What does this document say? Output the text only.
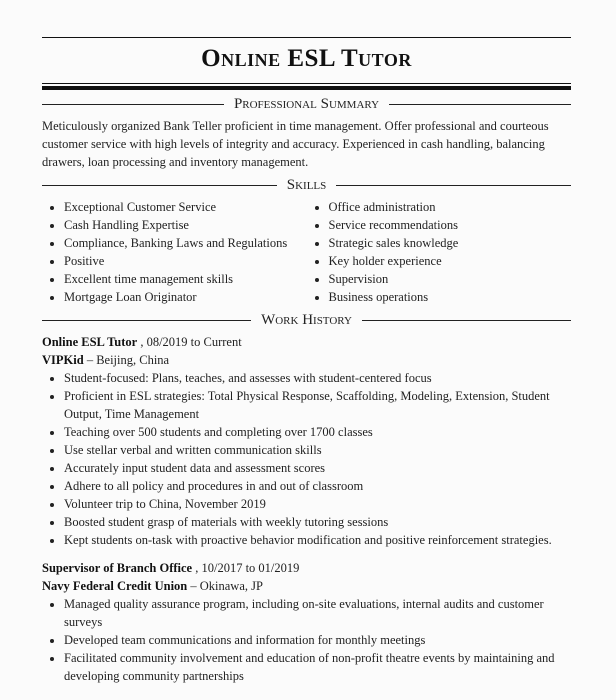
Online ESL Tutor
Professional Summary

Meticulously organized Bank Teller proficient in time management. Offer professional and courteous customer service with high levels of integrity and accuracy. Experienced in cash handling, balancing drawers, loan processing and inventory management.

Skills
• Exceptional Customer Service
• Cash Handling Expertise
• Compliance, Banking Laws and Regulations
• Positive
• Excellent time management skills
• Mortgage Loan Originator
• Office administration
• Service recommendations
• Strategic sales knowledge
• Key holder experience
• Supervision
• Business operations
Work History
Online ESL Tutor , 08/2019 to Current
VIPKid – Beijing, China
• Student-focused: Plans, teaches, and assesses with student-centered focus
• Proficient in ESL strategies: Total Physical Response, Scaffolding, Modeling, Extension, Student Output, Time Management
• Teaching over 500 students and completing over 1700 classes
• Use stellar verbal and written communication skills
• Accurately input student data and assessment scores
• Adhere to all policy and procedures in and out of classroom
• Volunteer trip to China, November 2019
• Boosted student grasp of materials with weekly tutoring sessions
• Kept students on-task with proactive behavior modification and positive reinforcement strategies.
Supervisor of Branch Office , 10/2017 to 01/2019
Navy Federal Credit Union – Okinawa, JP
• Managed quality assurance program, including on-site evaluations, internal audits and customer surveys
• Developed team communications and information for monthly meetings
• Facilitated community involvement and education of non-profit theatre events by maintaining and developing community partnerships
